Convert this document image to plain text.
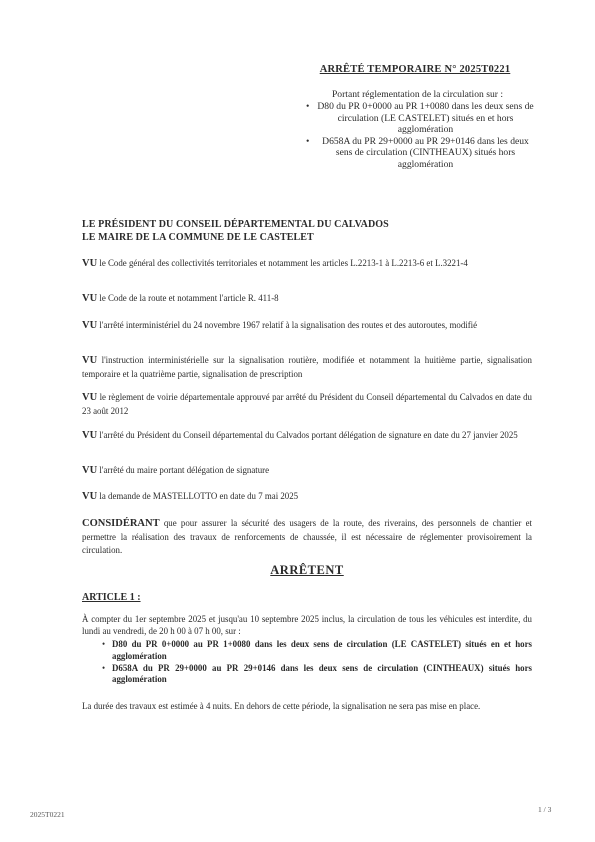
ARRÊTÉ TEMPORAIRE N° 2025T0221
Portant réglementation de la circulation sur :
• D80 du PR 0+0000 au PR 1+0080 dans les deux sens de circulation (LE CASTELET) situés en et hors agglomération
• D658A du PR 29+0000 au PR 29+0146 dans les deux sens de circulation (CINTHEAUX) situés hors agglomération
LE PRÉSIDENT DU CONSEIL DÉPARTEMENTAL DU CALVADOS
LE MAIRE DE LA COMMUNE DE LE CASTELET
VU le Code général des collectivités territoriales et notamment les articles L.2213-1 à L.2213-6 et L.3221-4
VU le Code de la route et notamment l'article R. 411-8
VU l'arrêté interministériel du 24 novembre 1967 relatif à la signalisation des routes et des autoroutes, modifié
VU l'instruction interministérielle sur la signalisation routière, modifiée et notamment la huitième partie, signalisation temporaire et la quatrième partie, signalisation de prescription
VU le règlement de voirie départementale approuvé par arrêté du Président du Conseil départemental du Calvados en date du 23 août 2012
VU l'arrêté du Président du Conseil départemental du Calvados portant délégation de signature en date du 27 janvier 2025
VU l'arrêté du maire portant délégation de signature
VU la demande de MASTELLOTTO en date du 7 mai 2025
CONSIDÉRANT que pour assurer la sécurité des usagers de la route, des riverains, des personnels de chantier et permettre la réalisation des travaux de renforcements de chaussée, il est nécessaire de réglementer provisoirement la circulation.
ARRÊTENT
ARTICLE 1 :
À compter du 1er septembre 2025 et jusqu'au 10 septembre 2025 inclus, la circulation de tous les véhicules est interdite, du lundi au vendredi, de 20 h 00 à 07 h 00, sur :
• D80 du PR 0+0000 au PR 1+0080 dans les deux sens de circulation (LE CASTELET) situés en et hors agglomération
• D658A du PR 29+0000 au PR 29+0146 dans les deux sens de circulation (CINTHEAUX) situés hors agglomération
La durée des travaux est estimée à 4 nuits. En dehors de cette période, la signalisation ne sera pas mise en place.
2025T0221
1 / 3
